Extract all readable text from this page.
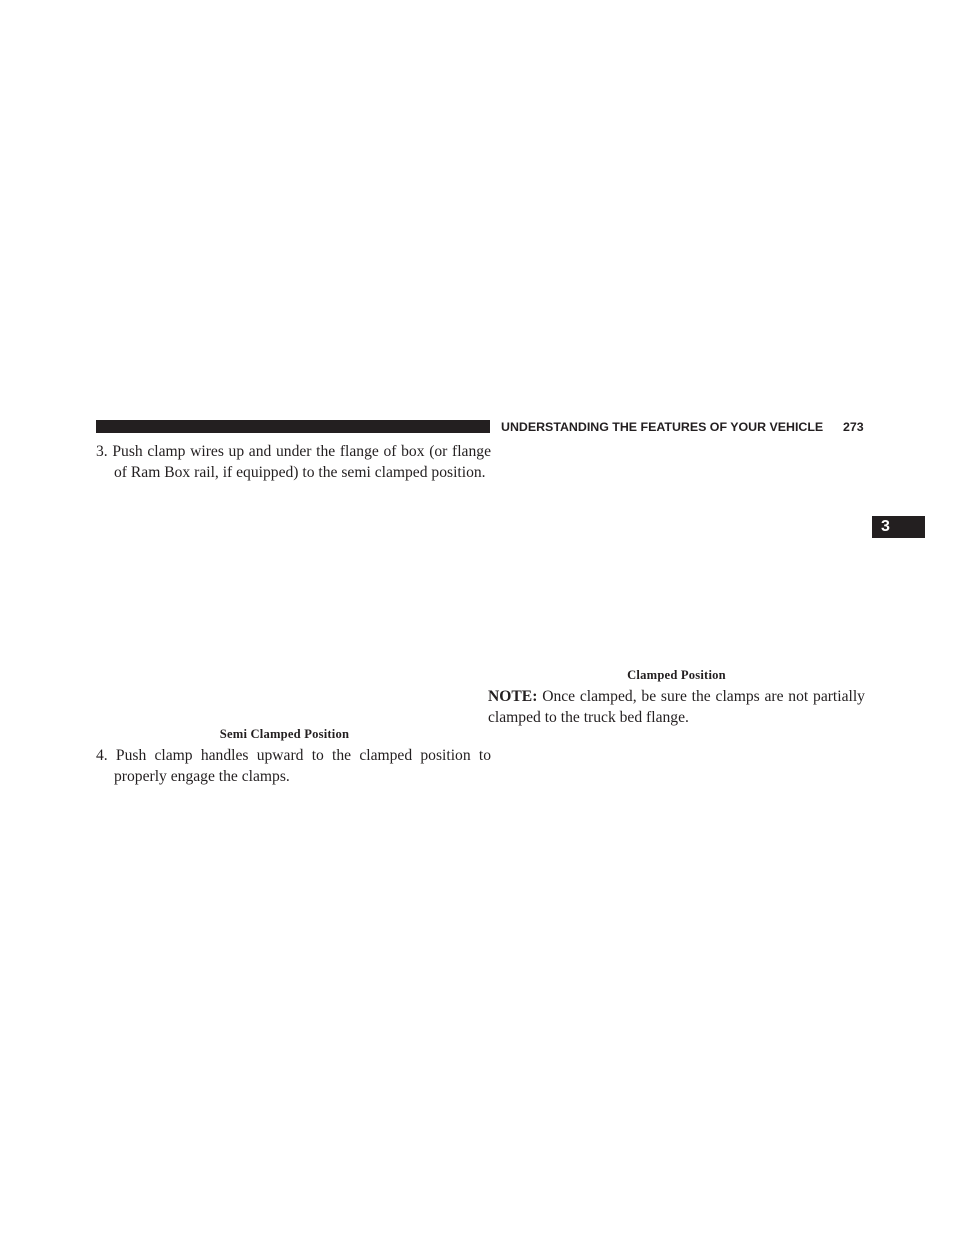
UNDERSTANDING THE FEATURES OF YOUR VEHICLE 273
3

3. Push clamp wires up and under the flange of box (or flange of Ram Box rail, if equipped) to the semi clamped position.

Semi Clamped Position

4. Push clamp handles upward to the clamped position to properly engage the clamps.

Clamped Position

NOTE: Once clamped, be sure the clamps are not partially clamped to the truck bed flange.
